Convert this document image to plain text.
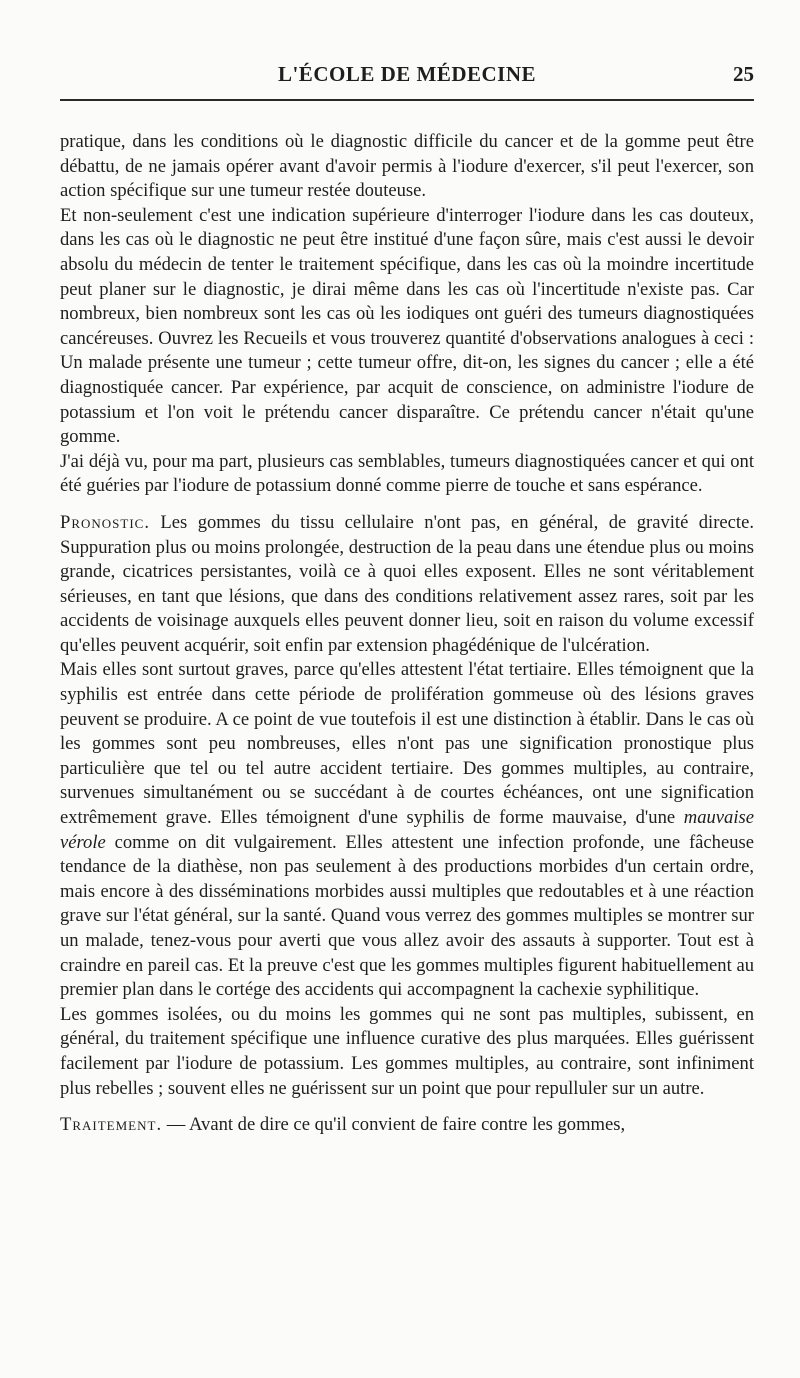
L'ÉCOLE DE MÉDECINE	25

pratique, dans les conditions où le diagnostic difficile du cancer et de la gomme peut être débattu, de ne jamais opérer avant d'avoir permis à l'iodure d'exercer, s'il peut l'exercer, son action spécifique sur une tumeur restée douteuse.

Et non-seulement c'est une indication supérieure d'interroger l'iodure dans les cas douteux, dans les cas où le diagnostic ne peut être institué d'une façon sûre, mais c'est aussi le devoir absolu du médecin de tenter le traitement spécifique, dans les cas où la moindre incertitude peut planer sur le diagnostic, je dirai même dans les cas où l'incertitude n'existe pas. Car nombreux, bien nombreux sont les cas où les iodiques ont guéri des tumeurs diagnostiquées cancéreuses. Ouvrez les Recueils et vous trouverez quantité d'observations analogues à ceci : Un malade présente une tumeur ; cette tumeur offre, dit-on, les signes du cancer ; elle a été diagnostiquée cancer. Par expérience, par acquit de conscience, on administre l'iodure de potassium et l'on voit le prétendu cancer disparaître. Ce prétendu cancer n'était qu'une gomme.

J'ai déjà vu, pour ma part, plusieurs cas semblables, tumeurs diagnostiquées cancer et qui ont été guéries par l'iodure de potassium donné comme pierre de touche et sans espérance.

Pronostic. Les gommes du tissu cellulaire n'ont pas, en général, de gravité directe. Suppuration plus ou moins prolongée, destruction de la peau dans une étendue plus ou moins grande, cicatrices persistantes, voilà ce à quoi elles exposent. Elles ne sont véritablement sérieuses, en tant que lésions, que dans des conditions relativement assez rares, soit par les accidents de voisinage auxquels elles peuvent donner lieu, soit en raison du volume excessif qu'elles peuvent acquérir, soit enfin par extension phagédénique de l'ulcération.

Mais elles sont surtout graves, parce qu'elles attestent l'état tertiaire. Elles témoignent que la syphilis est entrée dans cette période de prolifération gommeuse où des lésions graves peuvent se produire. A ce point de vue toutefois il est une distinction à établir. Dans le cas où les gommes sont peu nombreuses, elles n'ont pas une signification pronostique plus particulière que tel ou tel autre accident tertiaire. Des gommes multiples, au contraire, survenues simultanément ou se succédant à de courtes échéances, ont une signification extrêmement grave. Elles témoignent d'une syphilis de forme mauvaise, d'une mauvaise vérole comme on dit vulgairement. Elles attestent une infection profonde, une fâcheuse tendance de la diathèse, non pas seulement à des productions morbides d'un certain ordre, mais encore à des disséminations morbides aussi multiples que redoutables et à une réaction grave sur l'état général, sur la santé. Quand vous verrez des gommes multiples se montrer sur un malade, tenez-vous pour averti que vous allez avoir des assauts à supporter. Tout est à craindre en pareil cas. Et la preuve c'est que les gommes multiples figurent habituellement au premier plan dans le cortége des accidents qui accompagnent la cachexie syphilitique.

Les gommes isolées, ou du moins les gommes qui ne sont pas multiples, subissent, en général, du traitement spécifique une influence curative des plus marquées. Elles guérissent facilement par l'iodure de potassium. Les gommes multiples, au contraire, sont infiniment plus rebelles ; souvent elles ne guérissent sur un point que pour repulluler sur un autre.

Traitement. — Avant de dire ce qu'il convient de faire contre les gommes,
